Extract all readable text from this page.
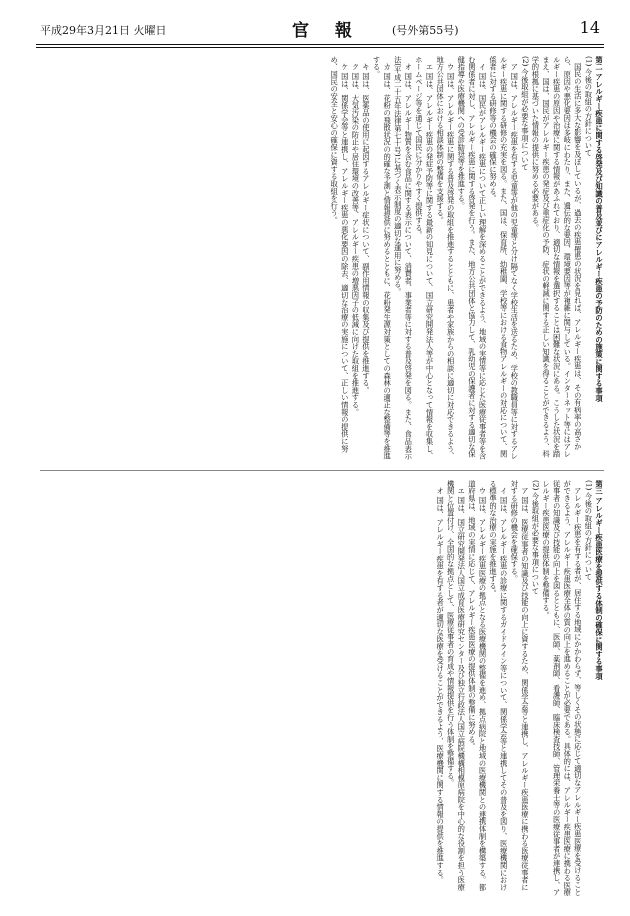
平成29年3月21日 火曜日	官 報	(号外第55号)	14
第二 アレルギー疾患に関する啓発及び知識の普及並びにアレルギー疾患の予防のための施策に関する事項
(1) 今後の取組の方針について
国民の生活に多大な影響を及ぼしているが、過去の疾患罹患の状況を見れば、アレルギー疾患は、その有病率の高さから、原因や悪化要因は多岐にわたり、また、遺伝的な要因、環境要因等が複雑に関与している。インターネット等にはアレルギー疾患の原因や治療に関する情報があふれており、適切な情報を選択することは困難な状況にある。こうした状況を踏まえ、国は、国民がアレルギー疾患の発症及び重症化の予防、症状の軽減に関する正しい知識を得ることができるよう、科学的根拠に基づいた情報の提供に努める必要がある。
(2) 今後取組が必要な事項について
ア 国は、アレルギー疾患を有する児童等が他の児童等と分け隔てなく学校生活を送るため、学校の教職員等に対するアレルギー疾患に関する研修の充実を図る。また、国は、保育所、幼稚園、学校等における食物アレルギーの対応について、関係者に対する研修等の機会の確保に努める。
イ 国は、国民がアレルギー疾患について正しい理解を深めることができるよう、地域の実情等に応じた医療従事者等を含む関係者に対し、アレルギー疾患に関する啓発を行う。また、地方公共団体と協力して、乳幼児の保護者に対する適切な保健指導や医療機関への受診勧奨等を推進する。
ウ 国は、アレルギー疾患に関する普及啓発の取組を推進するとともに、患者や家族からの相談に適切に対応できるよう、地方公共団体における相談体制の整備を支援する。
エ 国は、アレルギー疾患の発症予防等に関する最新の知見について、国立研究開発法人等が中心となって情報を収集し、ホームページ等を通じて国民に分かりやすく提供する。
オ 国は、アレルギー物質を含む食品に関する表示について、消費者、事業者等に対する普及啓発を図る。また、食品表示法(平成二十五年法律第七十号)に基づく表示制度の適切な運用に努める。
カ 国は、花粉の飛散状況の的確な予測と情報提供に努めるとともに、花粉発生源対策としての森林の適正な整備等を推進する。
キ 国は、医薬品の使用に起因するアレルギー症状について、副作用情報の収集及び提供を推進する。
ク 国は、大気汚染の防止や居住環境の改善等、アレルギー疾患の増悪因子の低減に向けた取組を推進する。
ケ 国は、関係学会等と連携し、アレルギー疾患の悪化要因の除去、適切な治療の実施について、正しい情報の提供に努め、国民の安全と安心の確保に資する取組を行う。
第三 アレルギー疾患医療を提供する体制の確保に関する事項
(1) 今後の取組の方針について
アレルギー疾患を有する者が、居住する地域にかかわらず、等しくその状態に応じて適切なアレルギー疾患医療を受けることができるよう、アレルギー疾患医療全体の質の向上を進めることが必要である。具体的には、アレルギー疾患医療に携わる医療従事者の知識及び技能の向上を図るとともに、医師、薬剤師、看護師、臨床検査技師、管理栄養士等の医療従事者が連携し、アレルギー疾患医療の提供体制を整備する。
(2) 今後取組が必要な事項について
ア 国は、医療従事者の知識及び技能の向上に資するため、関係学会等と連携し、アレルギー疾患医療に携わる医療従事者に対する研修の機会を確保する。
イ 国は、アレルギー疾患の診療に関するガイドライン等について、関係学会等と連携してその普及を図り、医療機関における標準的な治療の実施を推進する。
ウ 国は、アレルギー疾患医療の拠点となる医療機関の整備を進め、拠点病院と地域の医療機関との連携体制を構築する。都道府県は、地域の実情に応じて、アレルギー疾患医療の提供体制の整備に努める。
エ 国は、国立研究開発法人国立成育医療研究センター及び独立行政法人国立病院機構相模原病院を中心的な役割を担う医療機関と位置付け、全国的な拠点として、医療従事者の育成や情報提供を行う体制を整備する。
オ 国は、アレルギー疾患を有する者が適切な医療を受けることができるよう、医療機関に関する情報の提供を推進する。
